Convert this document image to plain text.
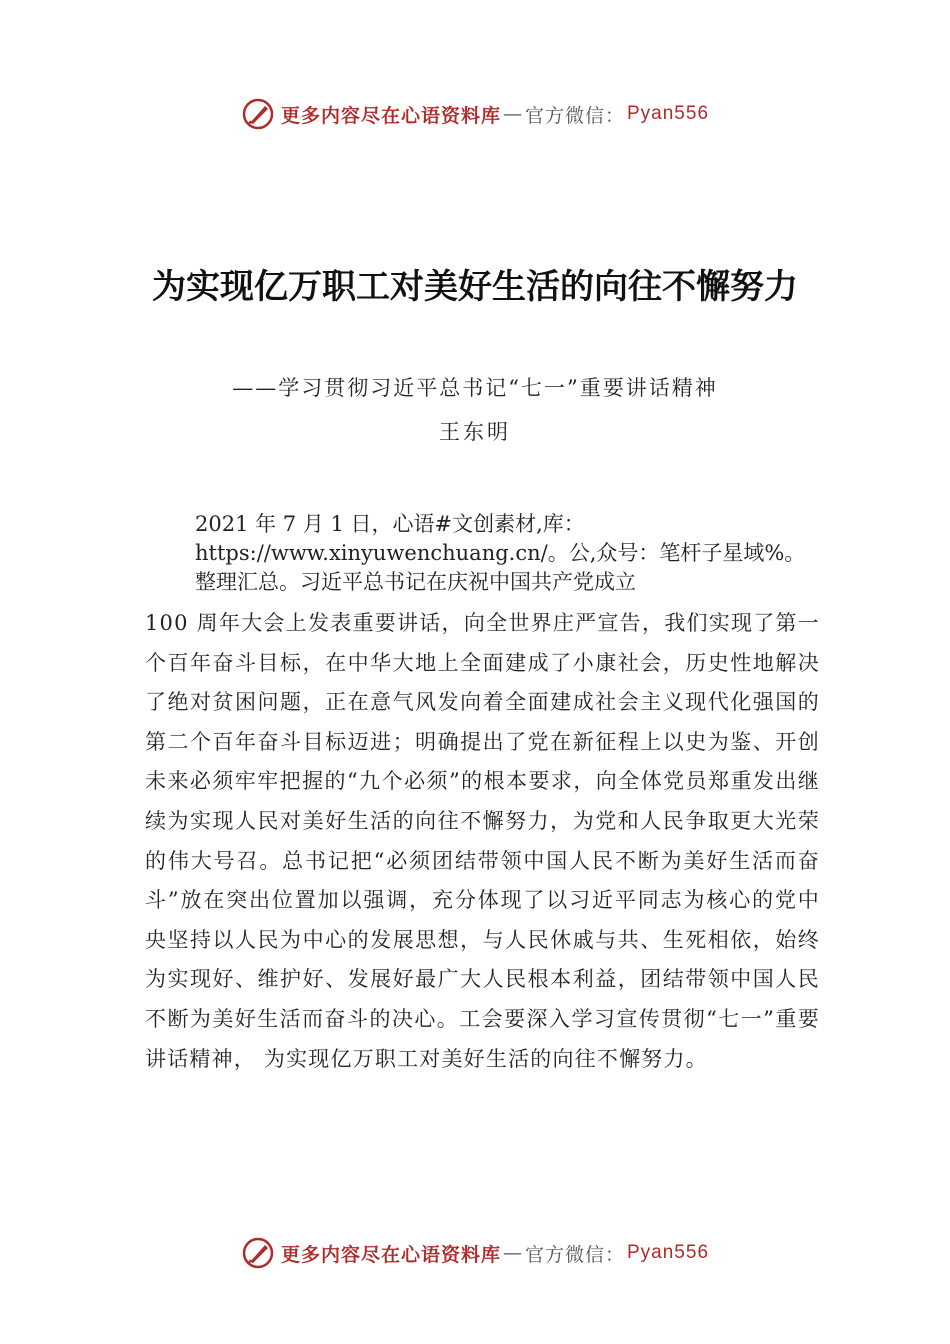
更多内容尽在心语资料库 — 官方微信： Pyan556
为实现亿万职工对美好生活的向往不懈努力
——学习贯彻习近平总书记“七一”重要讲话精神
王东明

2021 年 7 月 1 日，心语#文创素材,库：https://www.xinyuwenchuang.cn/。公,众号：笔杆子星域%。整理汇总。习近平总书记在庆祝中国共产党成立

100 周年大会上发表重要讲话，向全世界庄严宣告，我们实现了第一个百年奋斗目标，在中华大地上全面建成了小康社会，历史性地解决了绝对贫困问题，正在意气风发向着全面建成社会主义现代化强国的第二个百年奋斗目标迈进；明确提出了党在新征程上以史为鉴、开创未来必须牢牢把握的“九个必须”的根本要求，向全体党员郑重发出继续为实现人民对美好生活的向往不懈努力，为党和人民争取更大光荣的伟大号召。总书记把“必须团结带领中国人民不断为美好生活而奋斗”放在突出位置加以强调，充分体现了以习近平同志为核心的党中央坚持以人民为中心的发展思想，与人民休戚与共、生死相依，始终为实现好、维护好、发展好最广大人民根本利益，团结带领中国人民不断为美好生活而奋斗的决心。工会要深入学习宣传贯彻“七一”重要讲话精神， 为实现亿万职工对美好生活的向往不懈努力。

更多内容尽在心语资料库 — 官方微信： Pyan556
